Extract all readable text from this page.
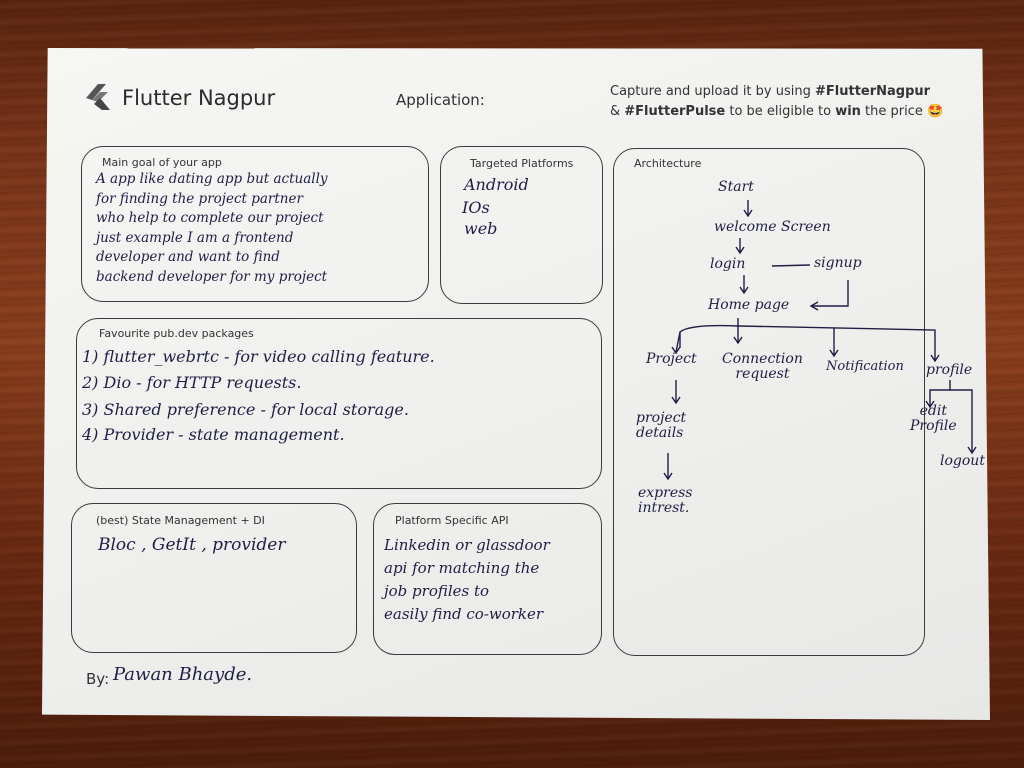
Flutter Nagpur	Application:	Capture and upload it by using #FlutterNagpur
& #FlutterPulse to be eligible to win the price 🤩
Main goal of your app
A app like dating app but actually
for finding the project partner
who help to complete our project
just example I am a frontend
developer and want to find
backend developer for my project
Targeted Platforms
Android
IOs
web
Favourite pub.dev packages
1) flutter_webrtc - for video calling feature.
2) Dio - for HTTP requests.
3) Shared preference - for local storage.
4) Provider - state management.
(best) State Management + DI
Bloc , GetIt , provider
Platform Specific API
Linkedin or glassdoor
api for matching the
job profiles to
easily find co-worker
Architecture
Start
welcome Screen
login	signup
Home page
Project Connection
request	Notification profile
project
details
express
intrest.
edit
Profile
logout
By: Pawan Bhayde.
